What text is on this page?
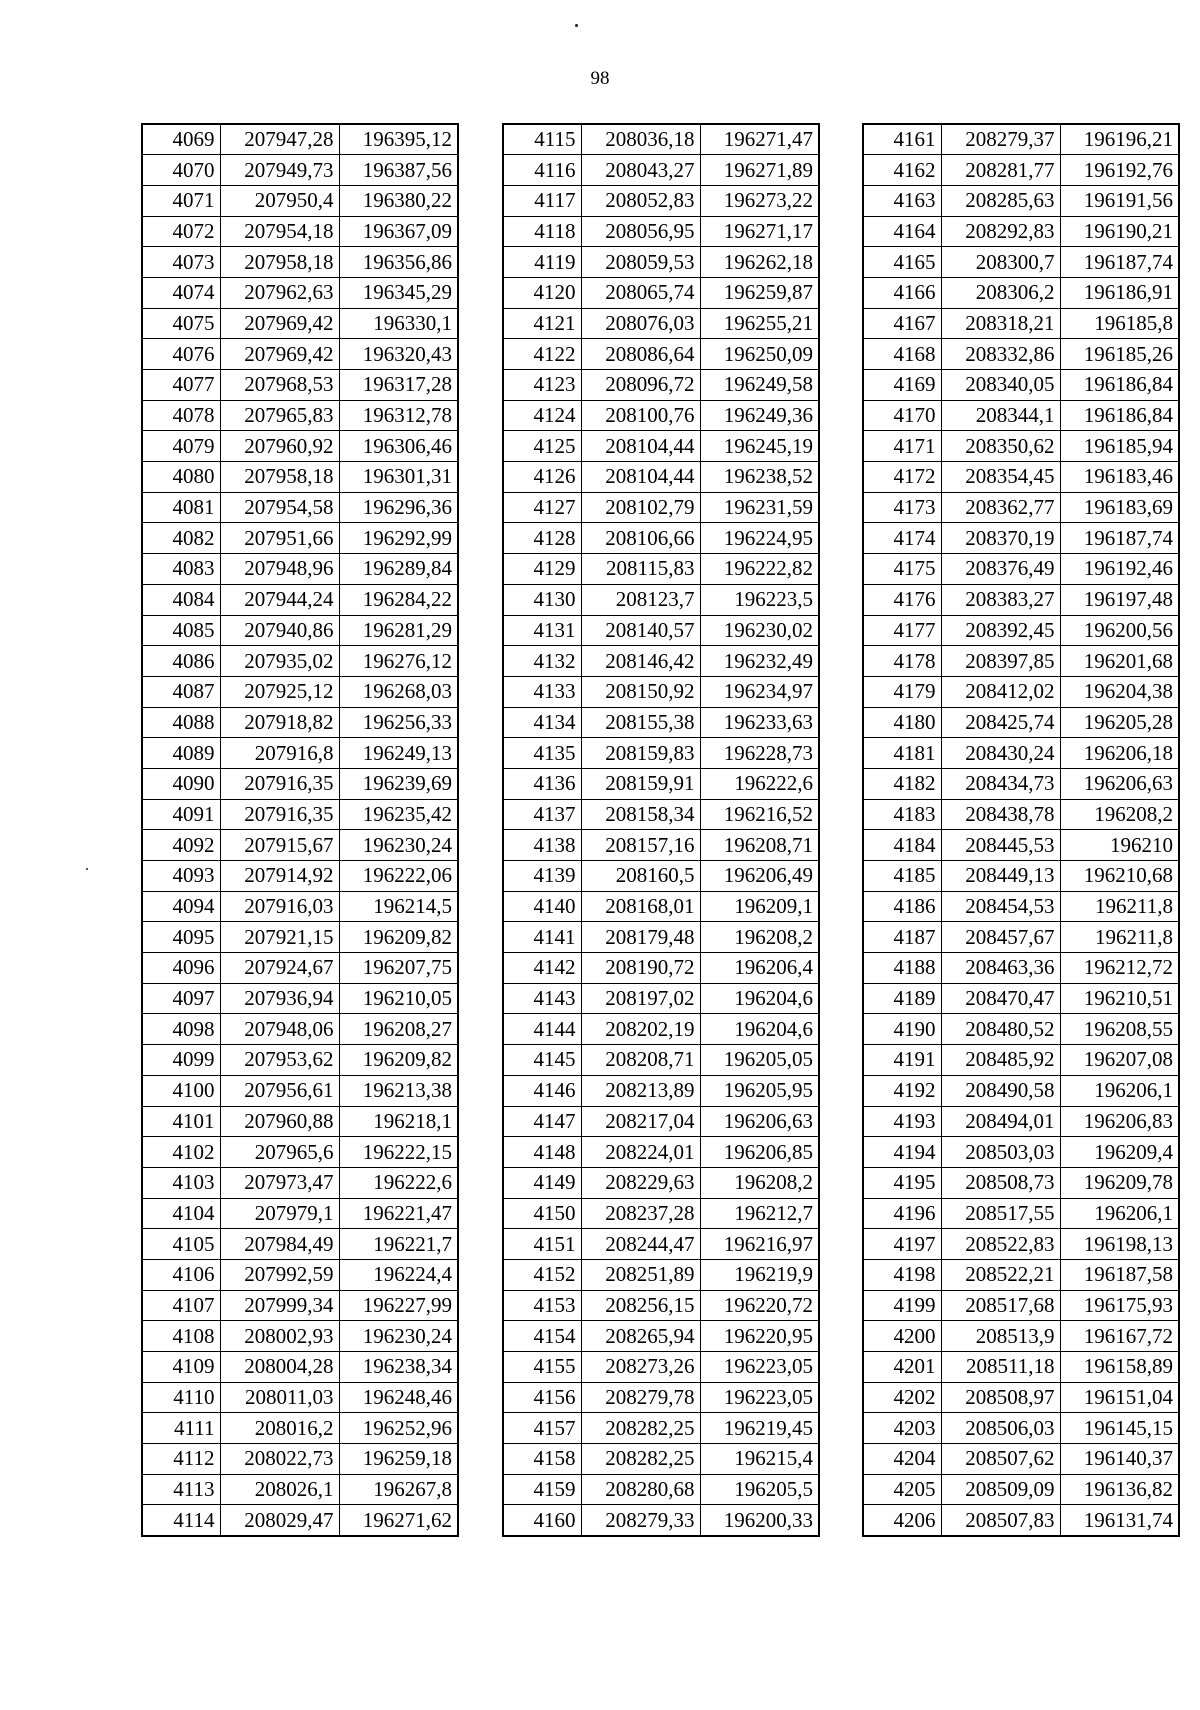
98
4069	207947,28	196395,12
4070	207949,73	196387,56
4071	207950,4	196380,22
4072	207954,18	196367,09
4073	207958,18	196356,86
4074	207962,63	196345,29
4075	207969,42	196330,1
4076	207969,42	196320,43
4077	207968,53	196317,28
4078	207965,83	196312,78
4079	207960,92	196306,46
4080	207958,18	196301,31
4081	207954,58	196296,36
4082	207951,66	196292,99
4083	207948,96	196289,84
4084	207944,24	196284,22
4085	207940,86	196281,29
4086	207935,02	196276,12
4087	207925,12	196268,03
4088	207918,82	196256,33
4089	207916,8	196249,13
4090	207916,35	196239,69
4091	207916,35	196235,42
4092	207915,67	196230,24
4093	207914,92	196222,06
4094	207916,03	196214,5
4095	207921,15	196209,82
4096	207924,67	196207,75
4097	207936,94	196210,05
4098	207948,06	196208,27
4099	207953,62	196209,82
4100	207956,61	196213,38
4101	207960,88	196218,1
4102	207965,6	196222,15
4103	207973,47	196222,6
4104	207979,1	196221,47
4105	207984,49	196221,7
4106	207992,59	196224,4
4107	207999,34	196227,99
4108	208002,93	196230,24
4109	208004,28	196238,34
4110	208011,03	196248,46
4111	208016,2	196252,96
4112	208022,73	196259,18
4113	208026,1	196267,8
4114	208029,47	196271,62
4115	208036,18	196271,47
4116	208043,27	196271,89
4117	208052,83	196273,22
4118	208056,95	196271,17
4119	208059,53	196262,18
4120	208065,74	196259,87
4121	208076,03	196255,21
4122	208086,64	196250,09
4123	208096,72	196249,58
4124	208100,76	196249,36
4125	208104,44	196245,19
4126	208104,44	196238,52
4127	208102,79	196231,59
4128	208106,66	196224,95
4129	208115,83	196222,82
4130	208123,7	196223,5
4131	208140,57	196230,02
4132	208146,42	196232,49
4133	208150,92	196234,97
4134	208155,38	196233,63
4135	208159,83	196228,73
4136	208159,91	196222,6
4137	208158,34	196216,52
4138	208157,16	196208,71
4139	208160,5	196206,49
4140	208168,01	196209,1
4141	208179,48	196208,2
4142	208190,72	196206,4
4143	208197,02	196204,6
4144	208202,19	196204,6
4145	208208,71	196205,05
4146	208213,89	196205,95
4147	208217,04	196206,63
4148	208224,01	196206,85
4149	208229,63	196208,2
4150	208237,28	196212,7
4151	208244,47	196216,97
4152	208251,89	196219,9
4153	208256,15	196220,72
4154	208265,94	196220,95
4155	208273,26	196223,05
4156	208279,78	196223,05
4157	208282,25	196219,45
4158	208282,25	196215,4
4159	208280,68	196205,5
4160	208279,33	196200,33
4161	208279,37	196196,21
4162	208281,77	196192,76
4163	208285,63	196191,56
4164	208292,83	196190,21
4165	208300,7	196187,74
4166	208306,2	196186,91
4167	208318,21	196185,8
4168	208332,86	196185,26
4169	208340,05	196186,84
4170	208344,1	196186,84
4171	208350,62	196185,94
4172	208354,45	196183,46
4173	208362,77	196183,69
4174	208370,19	196187,74
4175	208376,49	196192,46
4176	208383,27	196197,48
4177	208392,45	196200,56
4178	208397,85	196201,68
4179	208412,02	196204,38
4180	208425,74	196205,28
4181	208430,24	196206,18
4182	208434,73	196206,63
4183	208438,78	196208,2
4184	208445,53	196210
4185	208449,13	196210,68
4186	208454,53	196211,8
4187	208457,67	196211,8
4188	208463,36	196212,72
4189	208470,47	196210,51
4190	208480,52	196208,55
4191	208485,92	196207,08
4192	208490,58	196206,1
4193	208494,01	196206,83
4194	208503,03	196209,4
4195	208508,73	196209,78
4196	208517,55	196206,1
4197	208522,83	196198,13
4198	208522,21	196187,58
4199	208517,68	196175,93
4200	208513,9	196167,72
4201	208511,18	196158,89
4202	208508,97	196151,04
4203	208506,03	196145,15
4204	208507,62	196140,37
4205	208509,09	196136,82
4206	208507,83	196131,74
